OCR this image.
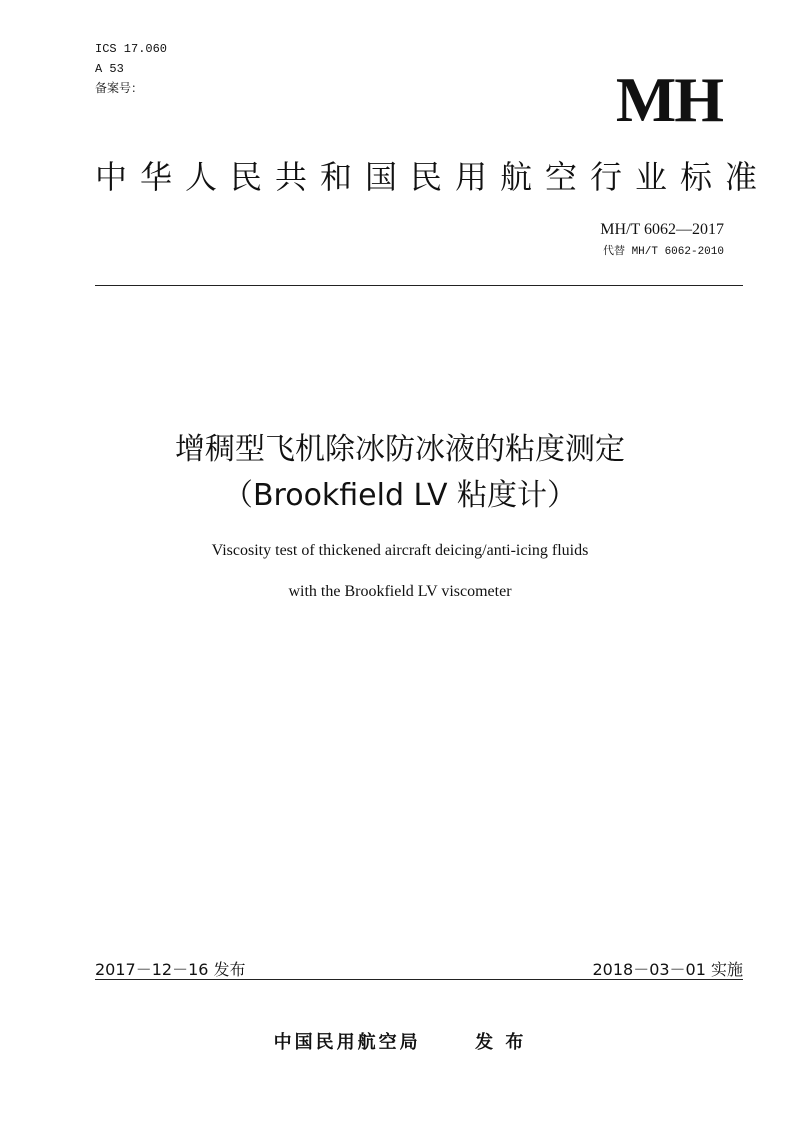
ICS 17.060
A 53
备案号：	MH
中华人民共和国民用航空行业标准
MH/T 6062—2017
代替 MH/T 6062-2010
增稠型飞机除冰防冰液的粘度测定
（Brookfield LV 粘度计）
Viscosity test of thickened aircraft deicing/anti-icing fluids
with the Brookfield LV viscometer
2017－12－16 发布	2018－03－01 实施
中国民用航空局	发 布
